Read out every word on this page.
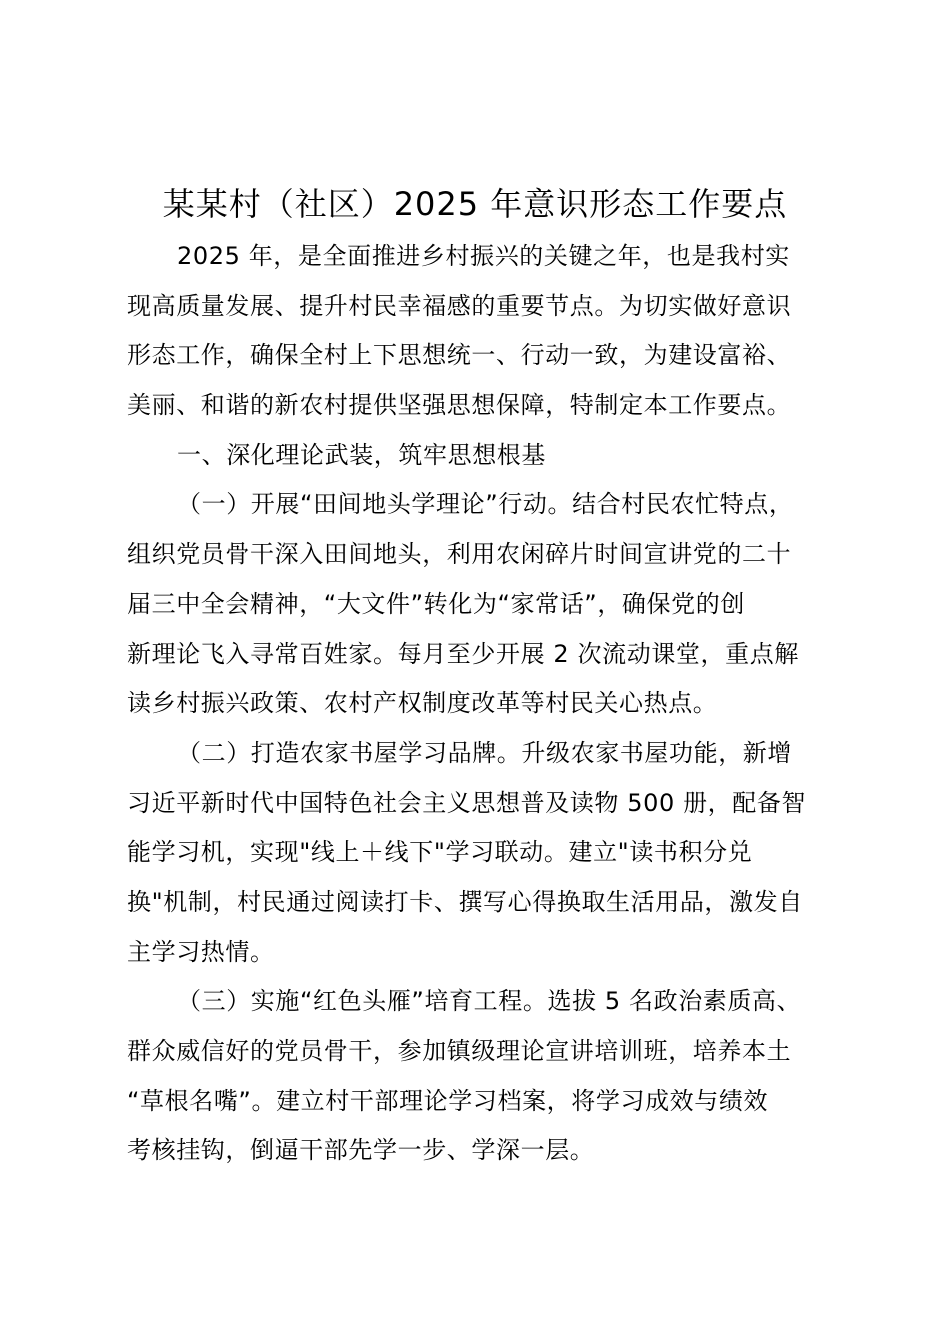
某某村（社区）2025 年意识形态工作要点

2025 年，是全面推进乡村振兴的关键之年，也是我村实
现高质量发展、提升村民幸福感的重要节点。为切实做好意识
形态工作，确保全村上下思想统一、行动一致，为建设富裕、
美丽、和谐的新农村提供坚强思想保障，特制定本工作要点。

一、深化理论武装，筑牢思想根基

（一）开展“田间地头学理论”行动。结合村民农忙特点，
组织党员骨干深入田间地头，利用农闲碎片时间宣讲党的二十
届三中全会精神，“大文件”转化为“家常话”，确保党的创
新理论飞入寻常百姓家。每月至少开展 2 次流动课堂，重点解
读乡村振兴政策、农村产权制度改革等村民关心热点。

（二）打造农家书屋学习品牌。升级农家书屋功能，新增
习近平新时代中国特色社会主义思想普及读物 500 册，配备智
能学习机，实现"线上＋线下"学习联动。建立"读书积分兑
换"机制，村民通过阅读打卡、撰写心得换取生活用品，激发自
主学习热情。

（三）实施“红色头雁”培育工程。选拔 5 名政治素质高、
群众威信好的党员骨干，参加镇级理论宣讲培训班，培养本土
“草根名嘴”。建立村干部理论学习档案，将学习成效与绩效
考核挂钩，倒逼干部先学一步、学深一层。
